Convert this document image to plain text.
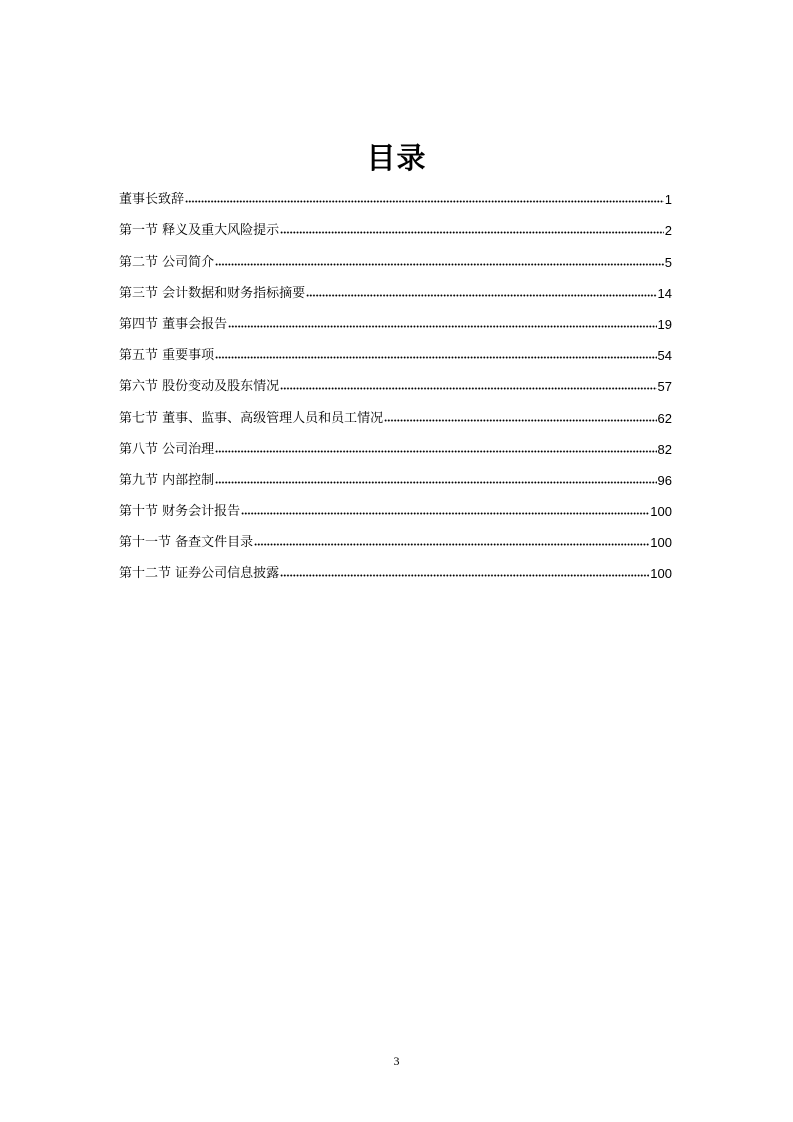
目录
董事长致辞	1
第一节 释义及重大风险提示	2
第二节 公司简介	5
第三节 会计数据和财务指标摘要	14
第四节 董事会报告	19
第五节 重要事项	54
第六节 股份变动及股东情况	57
第七节 董事、监事、高级管理人员和员工情况	62
第八节 公司治理	82
第九节 内部控制	96
第十节 财务会计报告	100
第十一节 备查文件目录	100
第十二节 证券公司信息披露	100
3
